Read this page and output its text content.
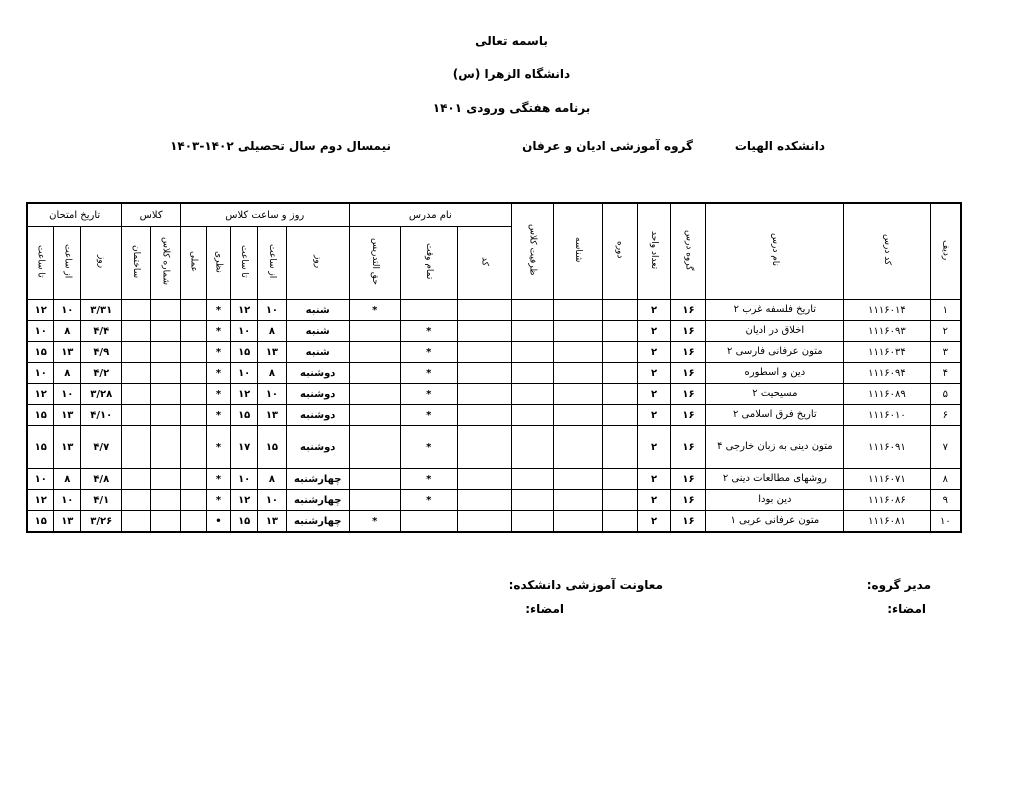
باسمه تعالی
دانشگاه الزهرا (س)
برنامه هفتگی ورودی ۱۴۰۱
دانشکده الهیات
گروه آموزشی ادیان و عرفان
نیمسال دوم سال تحصیلی ۱۴۰۲-۱۴۰۳
ردیف	کد درس	نام درس	گروه درس	تعداد واحد	دوره	شناسه	ظرفیت کلاس	نام مدرس			روز و ساعت کلاس					کلاس		تاریخ امتحان		
								کد	تمام وقت	حق التدریس	روز	از ساعت	تا ساعت	نظری	عملی	شماره کلاس	ساختمان	روز	از ساعت	تا ساعت
۱	۱۱۱۶۰۱۴	تاریخ فلسفه غرب ۲	۱۶	۲						*	شنبه	۱۰	۱۲	*				۳/۳۱	۱۰	۱۲
۲	۱۱۱۶۰۹۳	اخلاق در ادیان	۱۶	۲					*		شنبه	۸	۱۰	*				۴/۴	۸	۱۰
۳	۱۱۱۶۰۳۴	متون عرفانی فارسی ۲	۱۶	۲					*		شنبه	۱۳	۱۵	*				۴/۹	۱۳	۱۵
۴	۱۱۱۶۰۹۴	دین و اسطوره	۱۶	۲					*		دوشنبه	۸	۱۰	*				۴/۲	۸	۱۰
۵	۱۱۱۶۰۸۹	مسیحیت ۲	۱۶	۲					*		دوشنبه	۱۰	۱۲	*				۳/۲۸	۱۰	۱۲
۶	۱۱۱۶۰۱۰	تاریخ فرق اسلامی ۲	۱۶	۲					*		دوشنبه	۱۳	۱۵	*				۴/۱۰	۱۳	۱۵
۷	۱۱۱۶۰۹۱	متون دینی به زبان خارجی ۴	۱۶	۲					*		دوشنبه	۱۵	۱۷	*				۴/۷	۱۳	۱۵
۸	۱۱۱۶۰۷۱	روشهای مطالعات دینی ۲	۱۶	۲					*		چهارشنبه	۸	۱۰	*				۴/۸	۸	۱۰
۹	۱۱۱۶۰۸۶	دین بودا	۱۶	۲					*		چهارشنبه	۱۰	۱۲	*				۴/۱	۱۰	۱۲
۱۰	۱۱۱۶۰۸۱	متون عرفانی عربی ۱	۱۶	۲						*	چهارشنبه	۱۳	۱۵	•				۳/۲۶	۱۳	۱۵
مدیر گروه:
امضاء:
معاونت آموزشی دانشکده:
امضاء:
